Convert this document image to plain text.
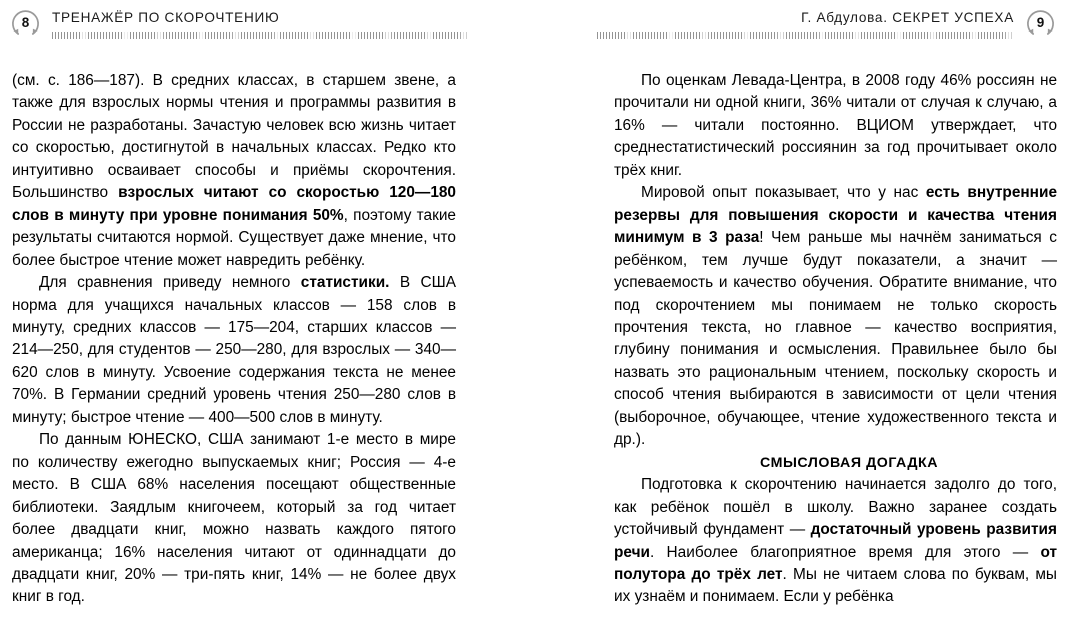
8 ТРЕНАЖЁР ПО СКОРОЧТЕНИЮ

(см. с. 186—187). В средних классах, в старшем звене, а также для взрослых нормы чтения и программы развития в России не разработаны. Зачастую человек всю жизнь читает со скоростью, достигнутой в начальных классах. Редко кто интуитивно осваивает способы и приёмы скорочтения. Большинство взрослых читают со скоростью 120—180 слов в минуту при уровне понимания 50%, поэтому такие результаты считаются нормой. Существует даже мнение, что более быстрое чтение может навредить ребёнку.

Для сравнения приведу немного статистики. В США норма для учащихся начальных классов — 158 слов в минуту, средних классов — 175—204, старших классов — 214—250, для студентов — 250—280, для взрослых — 340—620 слов в минуту. Усвоение содержания текста не менее 70%. В Германии средний уровень чтения 250—280 слов в минуту; быстрое чтение — 400—500 слов в минуту.

По данным ЮНЕСКО, США занимают 1-е место в мире по количеству ежегодно выпускаемых книг; Россия — 4-е место. В США 68% населения посещают общественные библиотеки. Заядлым книгочеем, который за год читает более двадцати книг, можно назвать каждого пятого американца; 16% населения читают от одиннадцати до двадцати книг, 20% — три-пять книг, 14% — не более двух книг в год.

Г. Абдулова. СЕКРЕТ УСПЕХА 9

По оценкам Левада-Центра, в 2008 году 46% россиян не прочитали ни одной книги, 36% читали от случая к случаю, а 16% — читали постоянно. ВЦИОМ утверждает, что среднестатистический россиянин за год прочитывает около трёх книг.

Мировой опыт показывает, что у нас есть внутренние резервы для повышения скорости и качества чтения минимум в 3 раза! Чем раньше мы начнём заниматься с ребёнком, тем лучше будут показатели, а значит — успеваемость и качество обучения. Обратите внимание, что под скорочтением мы понимаем не только скорость прочтения текста, но главное — качество восприятия, глубину понимания и осмысления. Правильнее было бы назвать это рациональным чтением, поскольку скорость и способ чтения выбираются в зависимости от цели чтения (выборочное, обучающее, чтение художественного текста и др.).

СМЫСЛОВАЯ ДОГАДКА

Подготовка к скорочтению начинается задолго до того, как ребёнок пошёл в школу. Важно заранее создать устойчивый фундамент — достаточный уровень развития речи. Наиболее благоприятное время для этого — от полутора до трёх лет. Мы не читаем слова по буквам, мы их узнаём и понимаем. Если у ребёнка
